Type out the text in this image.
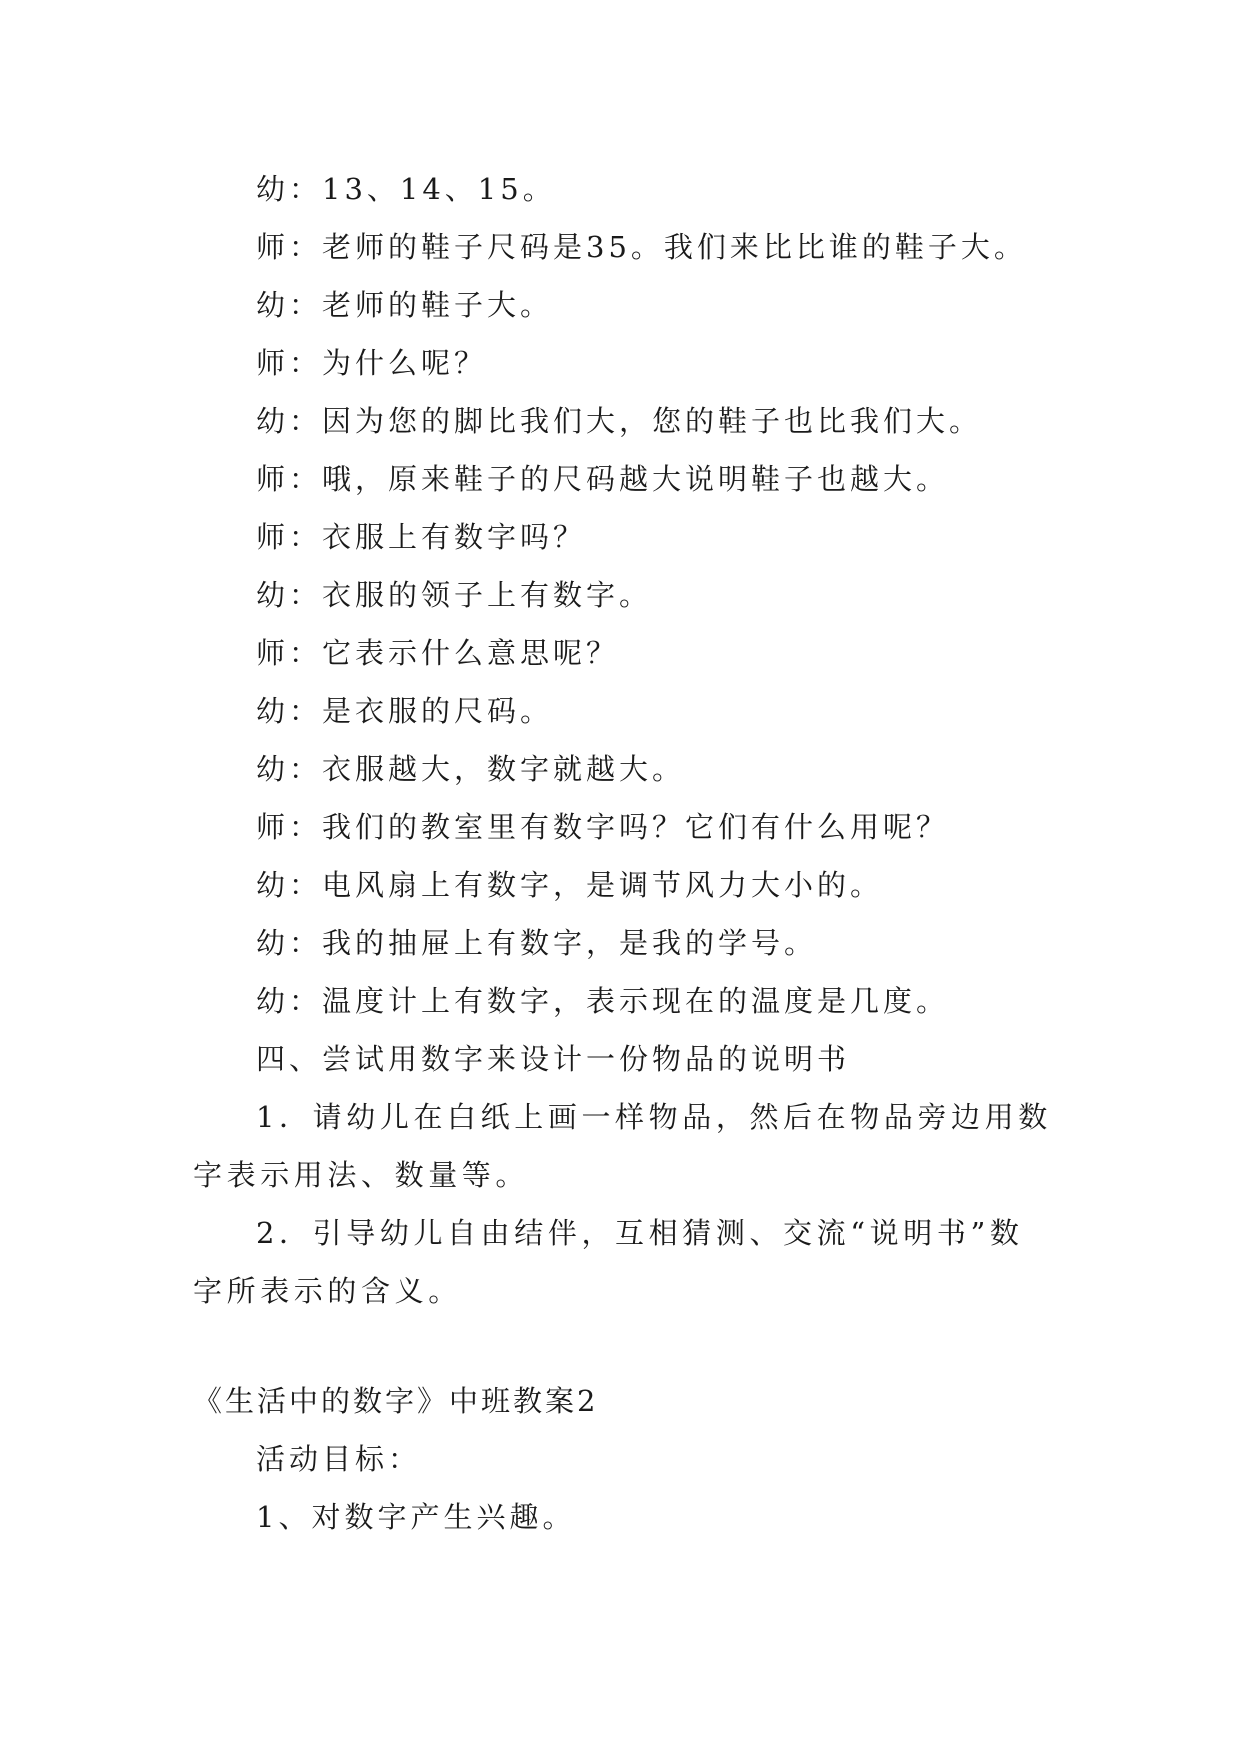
幼：13、14、15。

师：老师的鞋子尺码是35。我们来比比谁的鞋子大。

幼：老师的鞋子大。

师：为什么呢？

幼：因为您的脚比我们大，您的鞋子也比我们大。

师：哦，原来鞋子的尺码越大说明鞋子也越大。

师：衣服上有数字吗？

幼：衣服的领子上有数字。

师：它表示什么意思呢？

幼：是衣服的尺码。

幼：衣服越大，数字就越大。

师：我们的教室里有数字吗？它们有什么用呢？

幼：电风扇上有数字，是调节风力大小的。

幼：我的抽屉上有数字，是我的学号。

幼：温度计上有数字，表示现在的温度是几度。

四、尝试用数字来设计一份物品的说明书

1．请幼儿在白纸上画一样物品，然后在物品旁边用数字表示用法、数量等。

2．引导幼儿自由结伴，互相猜测、交流“说明书”数字所表示的含义。

《生活中的数字》中班教案2

活动目标：

1、对数字产生兴趣。
